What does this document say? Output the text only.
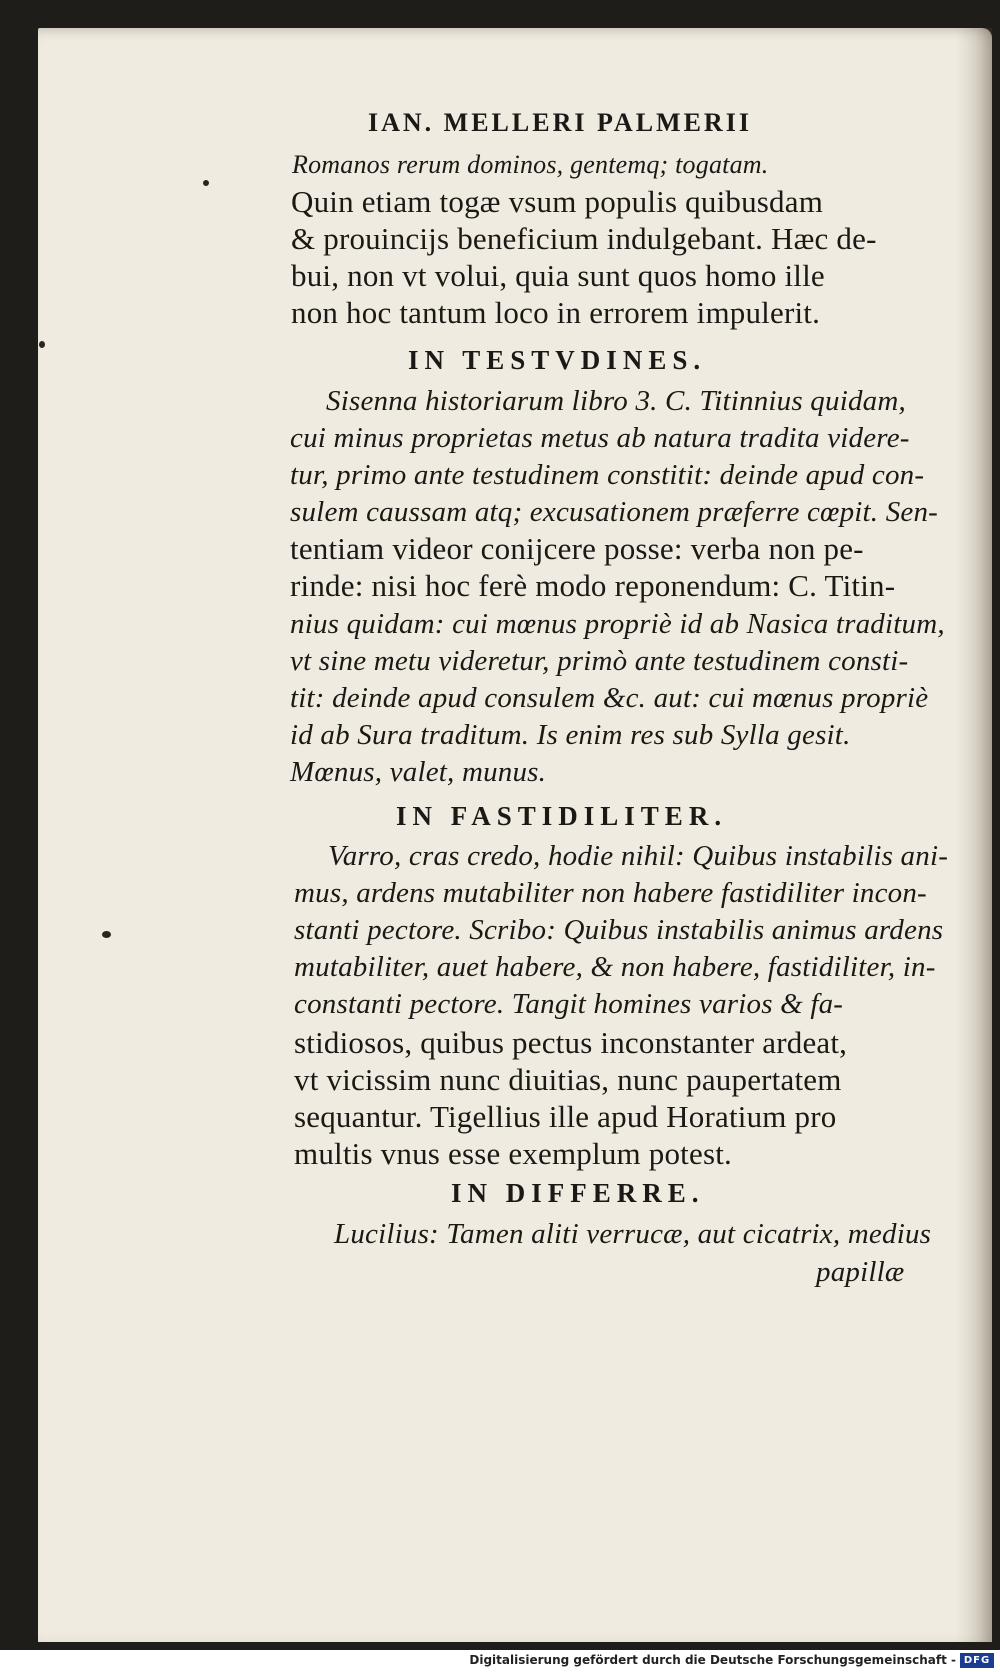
IAN. MELLERI PALMERII
Romanos rerum dominos, gentemq; togatam.
Quin etiam togæ vsum populis quibusdam
& prouincijs beneficium indulgebant. Hæc de-
bui, non vt volui, quia sunt quos homo ille
non hoc tantum loco in errorem impulerit.
IN TESTVDINES.
Sisenna historiarum libro 3. C. Titinnius quidam,
cui minus proprietas metus ab natura tradita videre-
tur, primo ante testudinem constitit: deinde apud con-
sulem caussam atq; excusationem præferre cœpit. Sen-
tentiam videor conijcere posse: verba non pe-
rinde: nisi hoc ferè modo reponendum: C. Titin-
nius quidam: cui mœnus propriè id ab Nasica traditum,
vt sine metu videretur, primò ante testudinem consti-
tit: deinde apud consulem &c. aut: cui mœnus propriè
id ab Sura traditum. Is enim res sub Sylla gesit.
Mœnus, valet, munus.
IN FASTIDILITER.
Varro, cras credo, hodie nihil: Quibus instabilis ani-
mus, ardens mutabiliter non habere fastidiliter incon-
stanti pectore. Scribo: Quibus instabilis animus ardens
mutabiliter, auet habere, & non habere, fastidiliter, in-
constanti pectore. Tangit homines varios & fa-
stidiosos, quibus pectus inconstanter ardeat,
vt vicissim nunc diuitias, nunc paupertatem
sequantur. Tigellius ille apud Horatium pro
multis vnus esse exemplum potest.
IN DIFFERRE.
Lucilius: Tamen aliti verrucæ, aut cicatrix, medius
papillæ
Digitalisierung gefördert durch die Deutsche Forschungsgemeinschaft - DFG
